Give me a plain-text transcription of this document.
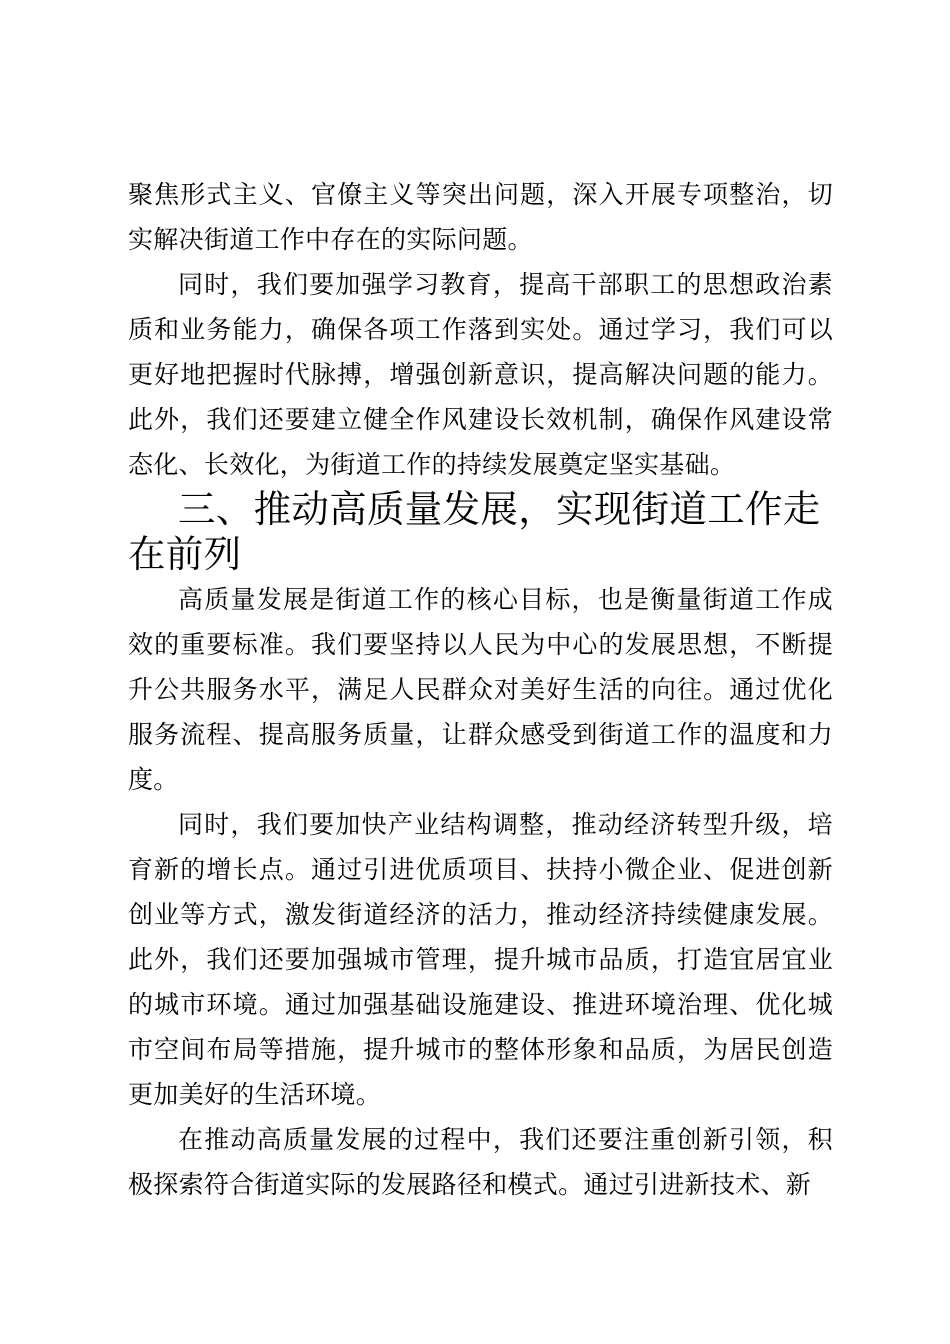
聚焦形式主义、官僚主义等突出问题，深入开展专项整治，切实解决街道工作中存在的实际问题。

同时，我们要加强学习教育，提高干部职工的思想政治素质和业务能力，确保各项工作落到实处。通过学习，我们可以更好地把握时代脉搏，增强创新意识，提高解决问题的能力。此外，我们还要建立健全作风建设长效机制，确保作风建设常态化、长效化，为街道工作的持续发展奠定坚实基础。

三、推动高质量发展，实现街道工作走在前列

高质量发展是街道工作的核心目标，也是衡量街道工作成效的重要标准。我们要坚持以人民为中心的发展思想，不断提升公共服务水平，满足人民群众对美好生活的向往。通过优化服务流程、提高服务质量，让群众感受到街道工作的温度和力度。

同时，我们要加快产业结构调整，推动经济转型升级，培育新的增长点。通过引进优质项目、扶持小微企业、促进创新创业等方式，激发街道经济的活力，推动经济持续健康发展。此外，我们还要加强城市管理，提升城市品质，打造宜居宜业的城市环境。通过加强基础设施建设、推进环境治理、优化城市空间布局等措施，提升城市的整体形象和品质，为居民创造更加美好的生活环境。

在推动高质量发展的过程中，我们还要注重创新引领，积极探索符合街道实际的发展路径和模式。通过引进新技术、新
